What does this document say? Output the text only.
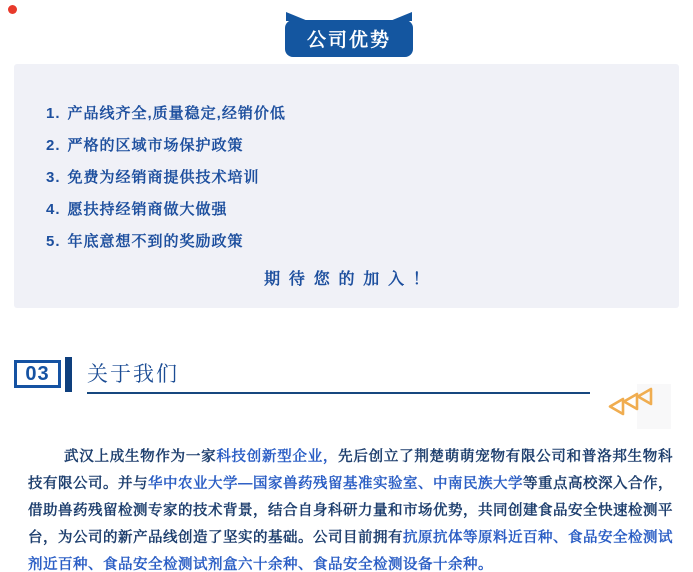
公司优势
1. 产品线齐全,质量稳定,经销价低
2. 严格的区域市场保护政策
3. 免费为经销商提供技术培训
4. 愿扶持经销商做大做强
5. 年底意想不到的奖励政策
期待您的加入！
03 关于我们

武汉上成生物作为一家科技创新型企业，先后创立了荆楚萌萌宠物有限公司和普洛邦生物科技有限公司。并与华中农业大学—国家兽药残留基准实验室、中南民族大学等重点高校深入合作，借助兽药残留检测专家的技术背景，结合自身科研力量和市场优势，共同创建食品安全快速检测平台，为公司的新产品线创造了坚实的基础。公司目前拥有抗原抗体等原料近百种、食品安全检测试剂近百种、食品安全检测试剂盒六十余种、食品安全检测设备十余种。
